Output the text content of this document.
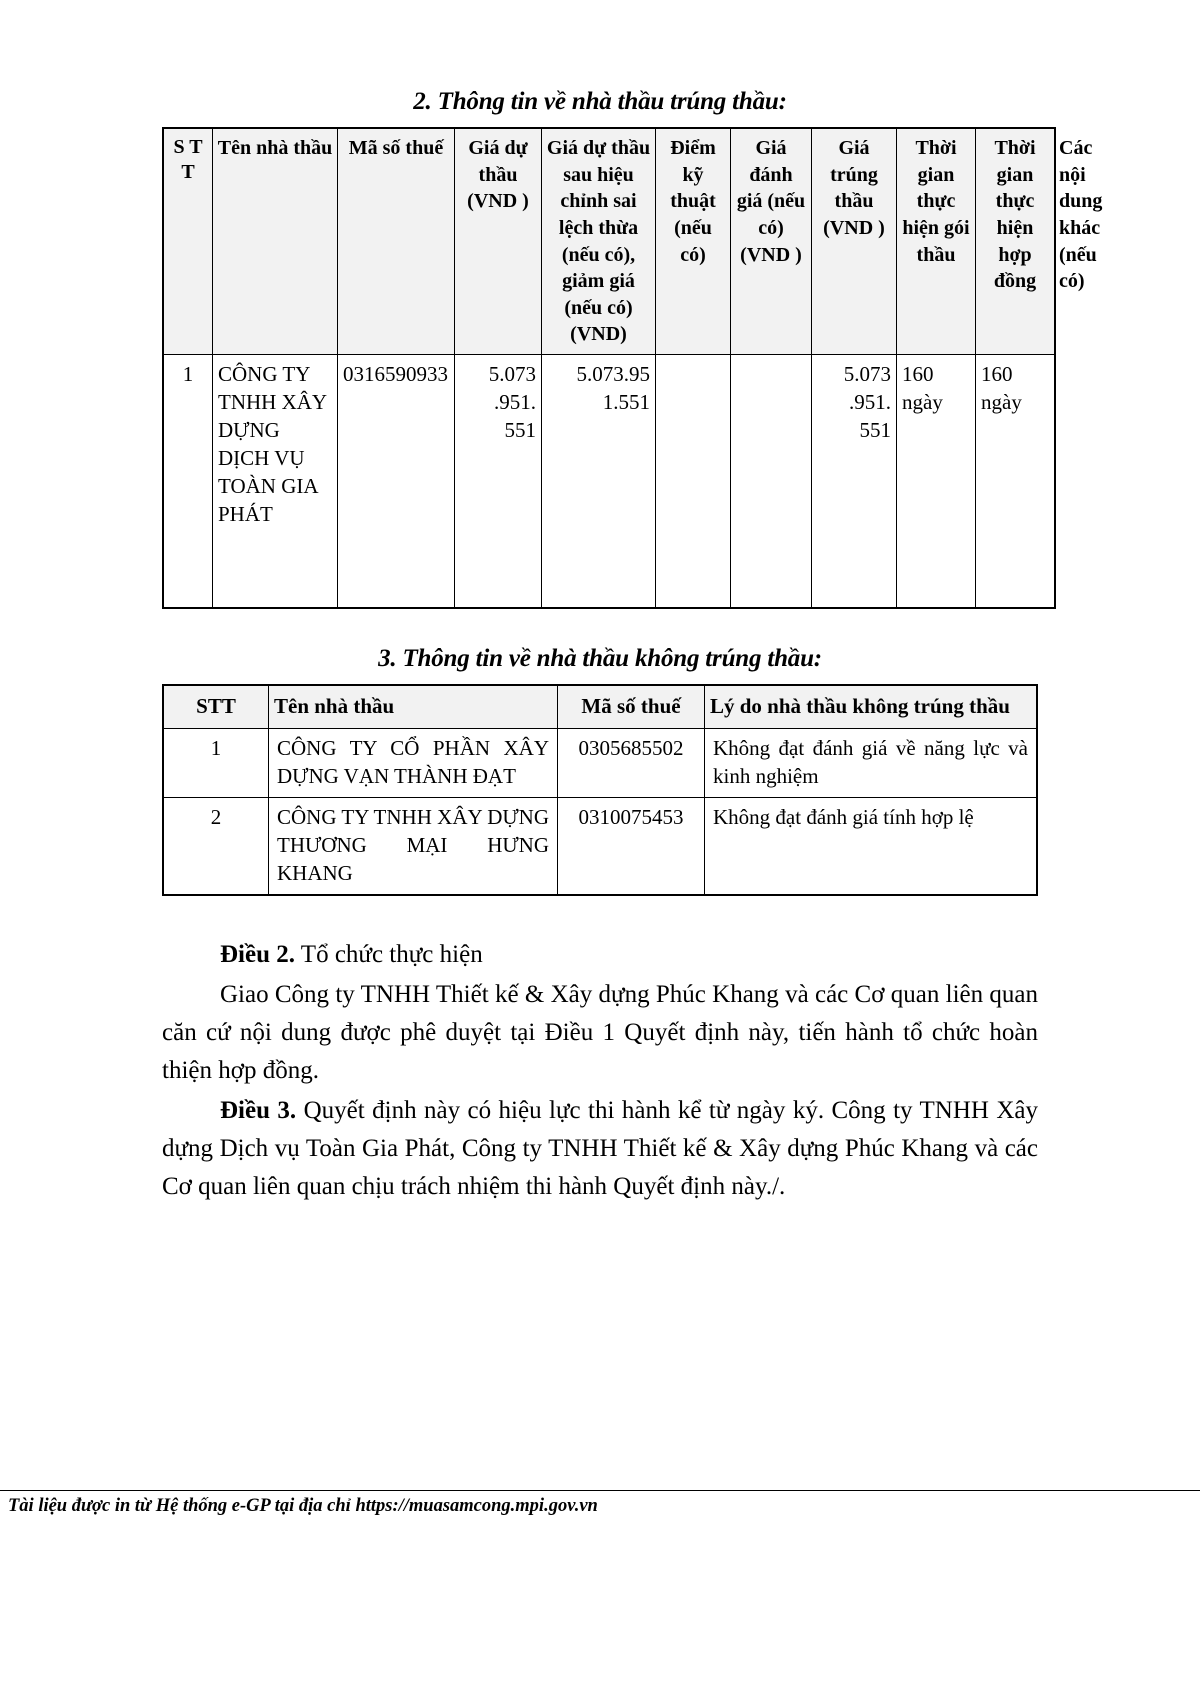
2. Thông tin về nhà thầu trúng thầu:
S T T	Tên nhà thầu	Mã số thuế	Giá dự thầu (VND )	Giá dự thầu sau hiệu chỉnh sai lệch thừa (nếu có), giảm giá (nếu có) (VND)	Điểm kỹ thuật (nếu có)	Giá đánh giá (nếu có) (VND )	Giá trúng thầu (VND )	Thời gian thực hiện gói thầu	Thời gian thực hiện hợp đồng	Các nội dung khác (nếu có)
1	CÔNG TY TNHH XÂY DỰNG DỊCH VỤ TOÀN GIA PHÁT	0316590933	5.073 .951. 551	5.073.95 1.551			5.073 .951. 551	160 ngày	160 ngày	
3. Thông tin về nhà thầu không trúng thầu:
STT	Tên nhà thầu	Mã số thuế	Lý do nhà thầu không trúng thầu
1	CÔNG TY CỔ PHẦN XÂY DỰNG VẠN THÀNH ĐẠT	0305685502	Không đạt đánh giá về năng lực và kinh nghiệm
2	CÔNG TY TNHH XÂY DỰNG THƯƠNG MẠI HƯNG KHANG	0310075453	Không đạt đánh giá tính hợp lệ

Điều 2. Tổ chức thực hiện

Giao Công ty TNHH Thiết kế & Xây dựng Phúc Khang và các Cơ quan liên quan căn cứ nội dung được phê duyệt tại Điều 1 Quyết định này, tiến hành tổ chức hoàn thiện hợp đồng.

Điều 3. Quyết định này có hiệu lực thi hành kể từ ngày ký. Công ty TNHH Xây dựng Dịch vụ Toàn Gia Phát, Công ty TNHH Thiết kế & Xây dựng Phúc Khang và các Cơ quan liên quan chịu trách nhiệm thi hành Quyết định này./.

Tài liệu được in từ Hệ thống e-GP tại địa chỉ https://muasamcong.mpi.gov.vn
